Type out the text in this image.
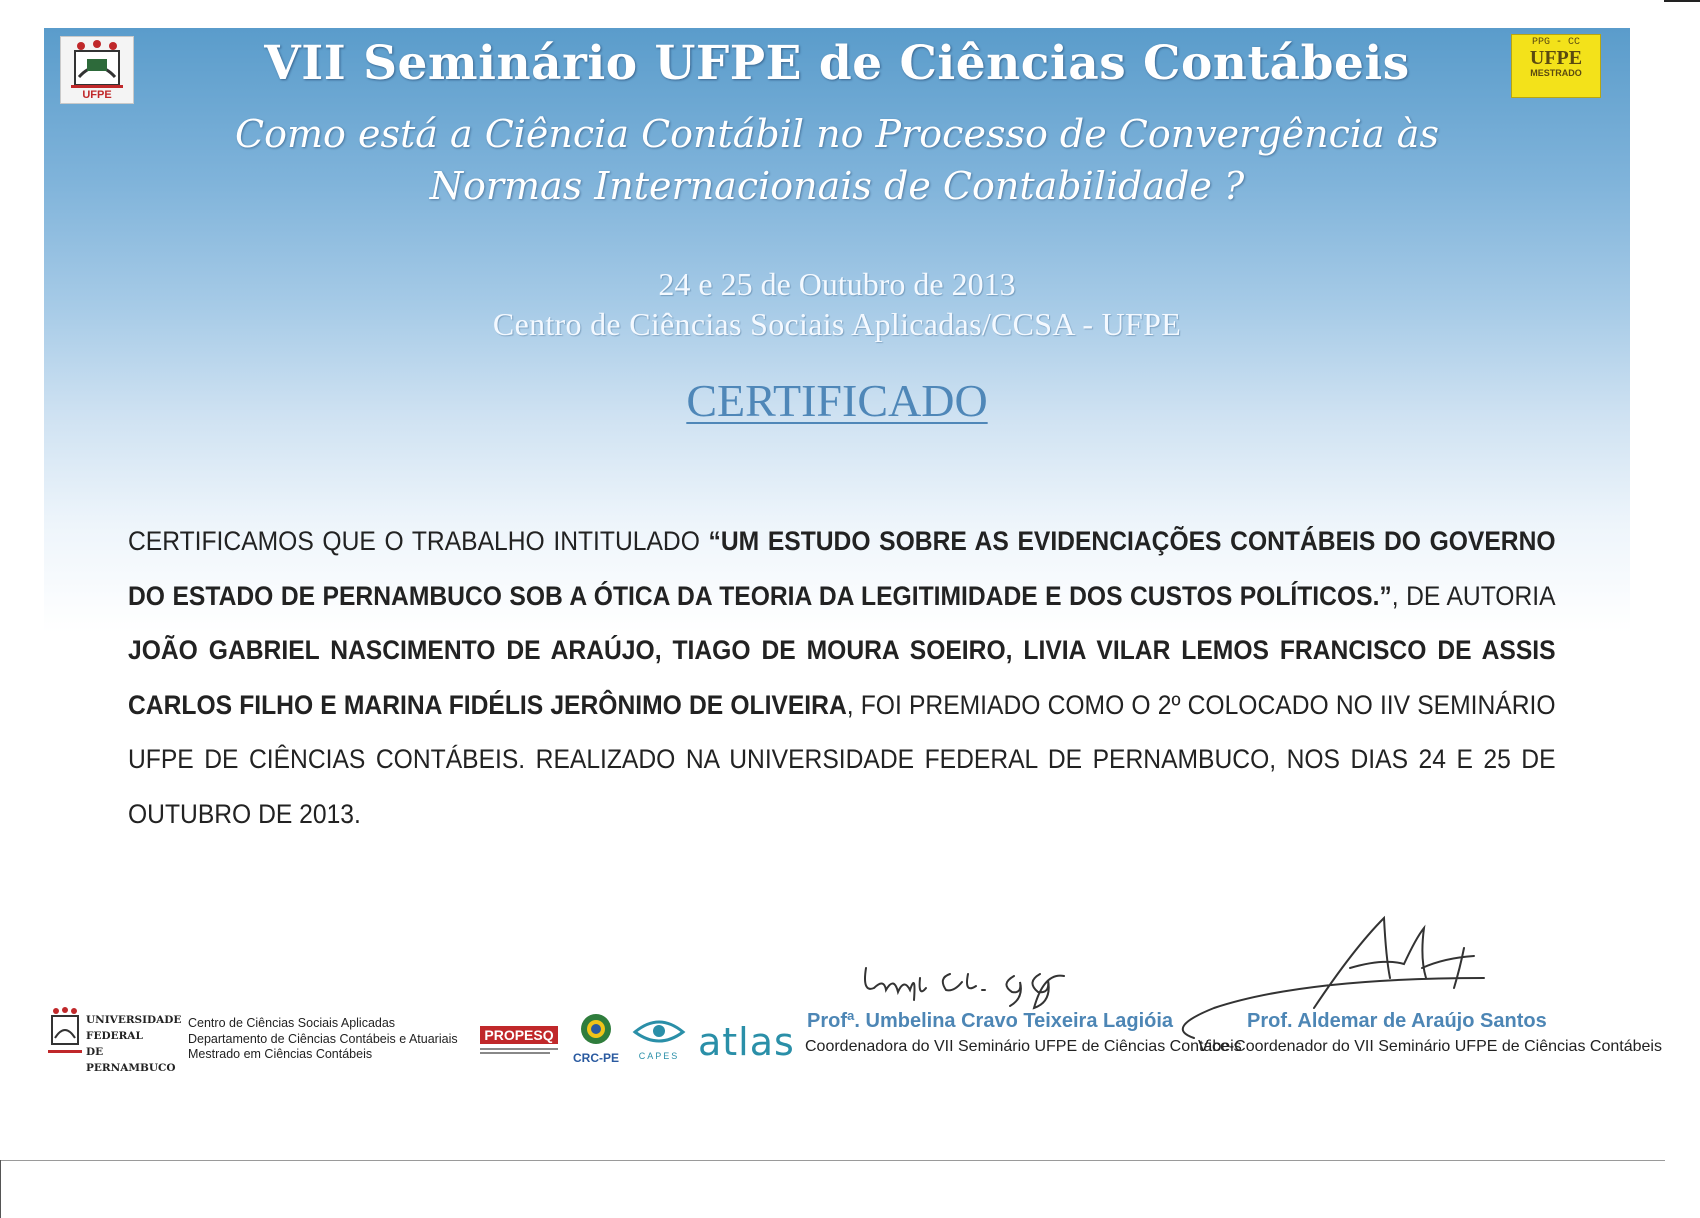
UFPE
VII Seminário UFPE de Ciências Contábeis	PPG - CC
UFPE
MESTRADO
Como está a Ciência Contábil no Processo de Convergência às Normas Internacionais de Contabilidade ?
24 e 25 de Outubro de 2013
Centro de Ciências Sociais Aplicadas/CCSA - UFPE
CERTIFICADO
CERTIFICAMOS QUE O TRABALHO INTITULADO “UM ESTUDO SOBRE AS EVIDENCIAÇÕES CONTÁBEIS DO GOVERNO DO ESTADO DE PERNAMBUCO SOB A ÓTICA DA TEORIA DA LEGITIMIDADE E DOS CUSTOS POLÍTICOS.”, DE AUTORIA JOÃO GABRIEL NASCIMENTO DE ARAÚJO, TIAGO DE MOURA SOEIRO, LIVIA VILAR LEMOS FRANCISCO DE ASSIS CARLOS FILHO E MARINA FIDÉLIS JERÔNIMO DE OLIVEIRA, FOI PREMIADO COMO O 2º COLOCADO NO IIV SEMINÁRIO UFPE DE CIÊNCIAS CONTÁBEIS. REALIZADO NA UNIVERSIDADE FEDERAL DE PERNAMBUCO, NOS DIAS 24 E 25 DE OUTUBRO DE 2013.
Profª. Umbelina Cravo Teixeira Lagióia
Coordenadora do VII Seminário UFPE de Ciências Contábeis
Prof. Aldemar de Araújo Santos
Vice-Coordenador do VII Seminário UFPE de Ciências Contábeis
UNIVERSIDADE
FEDERAL
DE PERNAMBUCO
Centro de Ciências Sociais Aplicadas
Departamento de Ciências Contábeis e Atuariais
Mestrado em Ciências Contábeis
PROPESQ
CRC-PE	CAPES atlas
